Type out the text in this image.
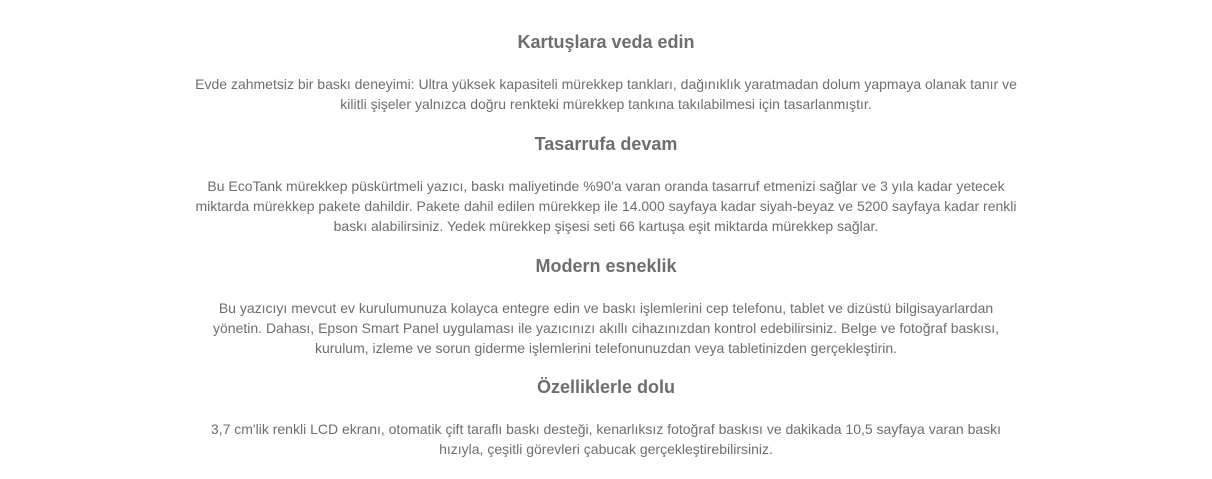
Kartuşlara veda edin

Evde zahmetsiz bir baskı deneyimi: Ultra yüksek kapasiteli mürekkep tankları, dağınıklık yaratmadan dolum yapmaya olanak tanır ve kilitli şişeler yalnızca doğru renkteki mürekkep tankına takılabilmesi için tasarlanmıştır.

Tasarrufa devam

Bu EcoTank mürekkep püskürtmeli yazıcı, baskı maliyetinde %90'a varan oranda tasarruf etmenizi sağlar ve 3 yıla kadar yetecek miktarda mürekkep pakete dahildir. Pakete dahil edilen mürekkep ile 14.000 sayfaya kadar siyah-beyaz ve 5200 sayfaya kadar renkli baskı alabilirsiniz. Yedek mürekkep şişesi seti 66 kartuşa eşit miktarda mürekkep sağlar.

Modern esneklik

Bu yazıcıyı mevcut ev kurulumunuza kolayca entegre edin ve baskı işlemlerini cep telefonu, tablet ve dizüstü bilgisayarlardan yönetin. Dahası, Epson Smart Panel uygulaması ile yazıcınızı akıllı cihazınızdan kontrol edebilirsiniz. Belge ve fotoğraf baskısı, kurulum, izleme ve sorun giderme işlemlerini telefonunuzdan veya tabletinizden gerçekleştirin.

Özelliklerle dolu

3,7 cm'lik renkli LCD ekranı, otomatik çift taraflı baskı desteği, kenarlıksız fotoğraf baskısı ve dakikada 10,5 sayfaya varan baskı hızıyla, çeşitli görevleri çabucak gerçekleştirebilirsiniz.
